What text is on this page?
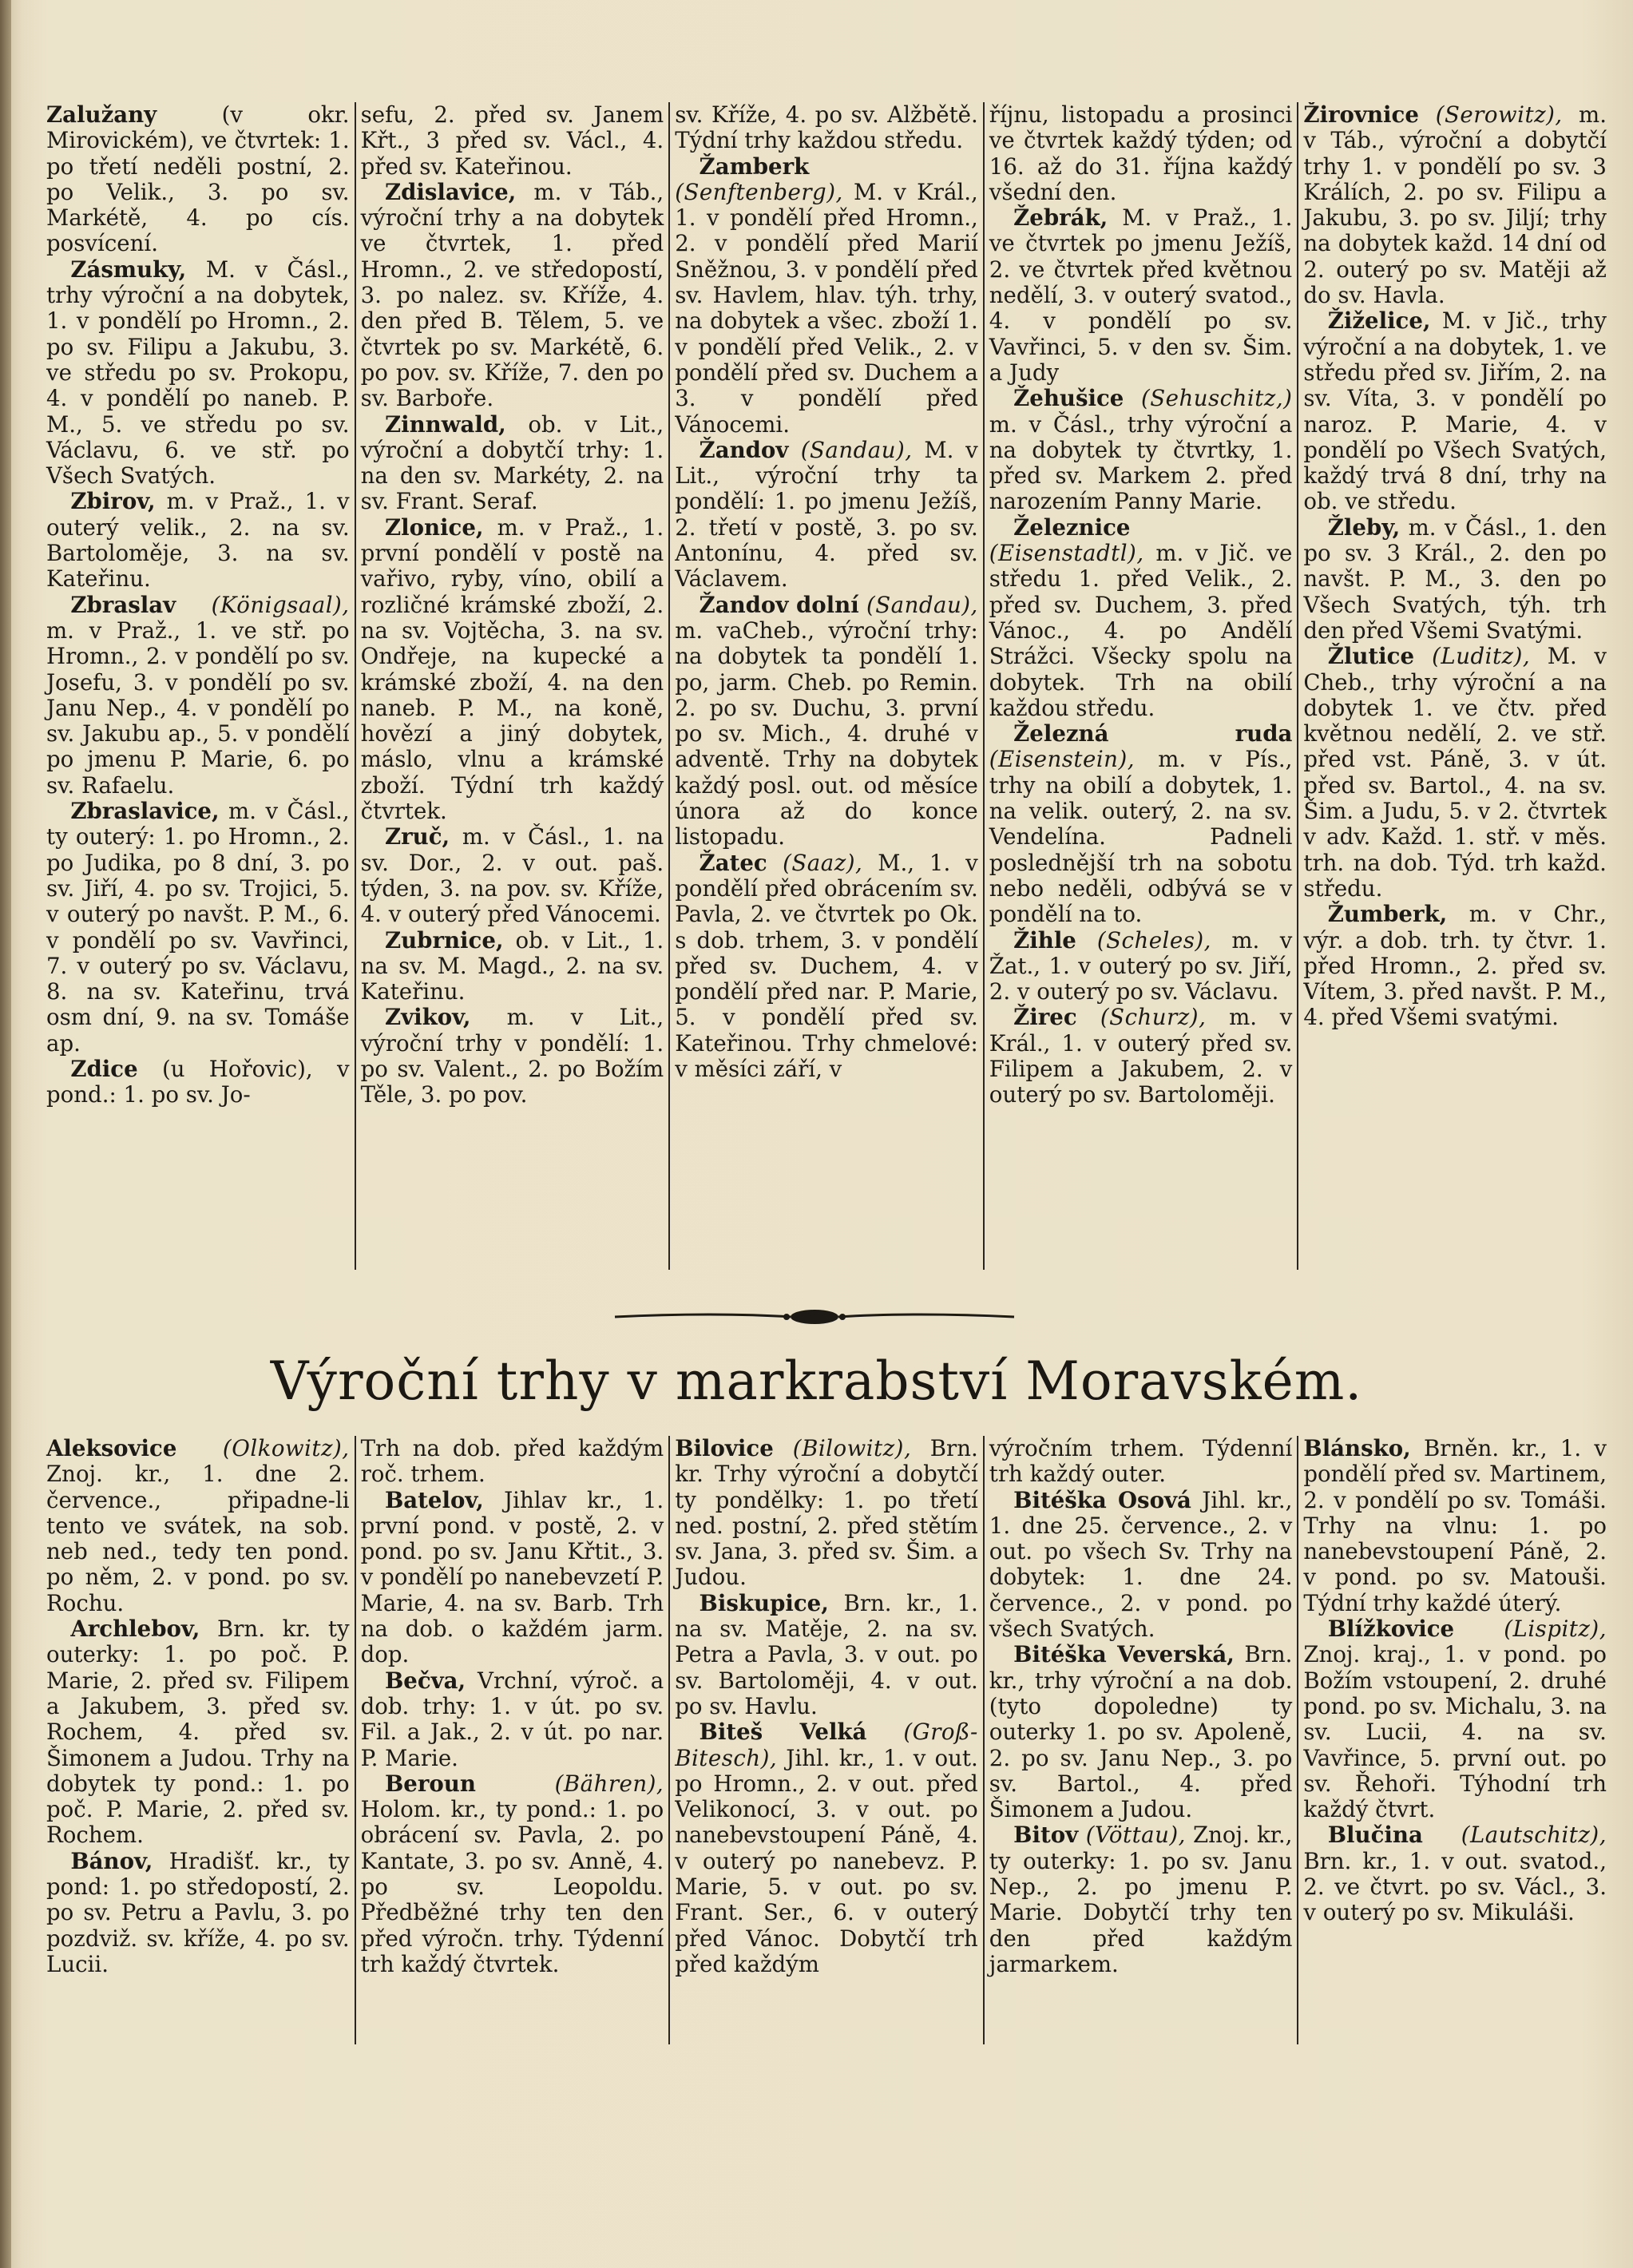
Zalužany (v okr. Mirovickém), ve čtvrtek: 1. po třetí neděli postní, 2. po Velik., 3. po sv. Markétě, 4. po cís. posvícení.

Zásmuky, M. v Čásl., trhy výroční a na dobytek, 1. v pondělí po Hromn., 2. po sv. Filipu a Jakubu, 3. ve středu po sv. Prokopu, 4. v pondělí po naneb. P. M., 5. ve středu po sv. Václavu, 6. ve stř. po Všech Svatých.

Zbirov, m. v Praž., 1. v outerý velik., 2. na sv. Bartoloměje, 3. na sv. Kateřinu.

Zbraslav (Königsaal), m. v Praž., 1. ve stř. po Hromn., 2. v pondělí po sv. Josefu, 3. v pondělí po sv. Janu Nep., 4. v pondělí po sv. Jakubu ap., 5. v pondělí po jmenu P. Marie, 6. po sv. Rafaelu.

Zbraslavice, m. v Čásl., ty outerý: 1. po Hromn., 2. po Judika, po 8 dní, 3. po sv. Jiří, 4. po sv. Trojici, 5. v outerý po navšt. P. M., 6. v pondělí po sv. Vavřinci, 7. v outerý po sv. Václavu, 8. na sv. Kateřinu, trvá osm dní, 9. na sv. Tomáše ap.

Zdice (u Hořovic), v pond.: 1. po sv. Jo-

sefu, 2. před sv. Janem Křt., 3 před sv. Václ., 4. před sv. Kateřinou.

Zdislavice, m. v Táb., výroční trhy a na dobytek ve čtvrtek, 1. před Hromn., 2. ve středopostí, 3. po nalez. sv. Kříže, 4. den před B. Tělem, 5. ve čtvrtek po sv. Markétě, 6. po pov. sv. Kříže, 7. den po sv. Barboře.

Zinnwald, ob. v Lit., výroční a dobytčí trhy: 1. na den sv. Markéty, 2. na sv. Frant. Seraf.

Zlonice, m. v Praž., 1. první pondělí v postě na vařivo, ryby, víno, obilí a rozličné krámské zboží, 2. na sv. Vojtěcha, 3. na sv. Ondřeje, na kupecké a krámské zboží, 4. na den naneb. P. M., na koně, hovězí a jiný dobytek, máslo, vlnu a krámské zboží. Týdní trh každý čtvrtek.

Zruč, m. v Čásl., 1. na sv. Dor., 2. v out. paš. týden, 3. na pov. sv. Kříže, 4. v outerý před Vánocemi.

Zubrnice, ob. v Lit., 1. na sv. M. Magd., 2. na sv. Kateřinu.

Zvikov, m. v Lit., výroční trhy v pondělí: 1. po sv. Valent., 2. po Božím Těle, 3. po pov.

sv. Kříže, 4. po sv. Alžbětě. Týdní trhy každou středu.

Žamberk (Senftenberg), M. v Král., 1. v pondělí před Hromn., 2. v pondělí před Marií Sněžnou, 3. v pondělí před sv. Havlem, hlav. týh. trhy, na dobytek a všec. zboží 1. v pondělí před Velik., 2. v pondělí před sv. Duchem a 3. v pondělí před Vánocemi.

Žandov (Sandau), M. v Lit., výroční trhy ta pondělí: 1. po jmenu Ježíš, 2. třetí v postě, 3. po sv. Antonínu, 4. před sv. Václavem.

Žandov dolní (Sandau), m. vaCheb., výroční trhy: na dobytek ta pondělí 1. po, jarm. Cheb. po Remin. 2. po sv. Duchu, 3. první po sv. Mich., 4. druhé v adventě. Trhy na dobytek každý posl. out. od měsíce února až do konce listopadu.

Žatec (Saaz), M., 1. v pondělí před obrácením sv. Pavla, 2. ve čtvrtek po Ok. s dob. trhem, 3. v pondělí před sv. Duchem, 4. v pondělí před nar. P. Marie, 5. v pondělí před sv. Kateřinou. Trhy chmelové: v měsíci září, v

říjnu, listopadu a prosinci ve čtvrtek každý týden; od 16. až do 31. října každý všední den.

Žebrák, M. v Praž., 1. ve čtvrtek po jmenu Ježíš, 2. ve čtvrtek před květnou nedělí, 3. v outerý svatod., 4. v pondělí po sv. Vavřinci, 5. v den sv. Šim. a Judy

Žehušice (Sehuschitz,) m. v Čásl., trhy výroční a na dobytek ty čtvrtky, 1. před sv. Markem 2. před narozením Panny Marie.

Železnice (Eisenstadtl), m. v Jič. ve středu 1. před Velik., 2. před sv. Duchem, 3. před Vánoc., 4. po Andělí Strážci. Všecky spolu na dobytek. Trh na obilí každou středu.

Železná ruda (Eisenstein), m. v Pís., trhy na obilí a dobytek, 1. na velik. outerý, 2. na sv. Vendelína. Padneli poslednější trh na sobotu nebo neděli, odbývá se v pondělí na to.

Žihle (Scheles), m. v Žat., 1. v outerý po sv. Jiří, 2. v outerý po sv. Václavu.

Žirec (Schurz), m. v Král., 1. v outerý před sv. Filipem a Jakubem, 2. v outerý po sv. Bartoloměji.

Žirovnice (Serowitz), m. v Táb., výroční a dobytčí trhy 1. v pondělí po sv. 3 Králích, 2. po sv. Filipu a Jakubu, 3. po sv. Jiljí; trhy na dobytek každ. 14 dní od 2. outerý po sv. Matěji až do sv. Havla.

Žiželice, M. v Jič., trhy výroční a na dobytek, 1. ve středu před sv. Jiřím, 2. na sv. Víta, 3. v pondělí po naroz. P. Marie, 4. v pondělí po Všech Svatých, každý trvá 8 dní, trhy na ob. ve středu.

Žleby, m. v Čásl., 1. den po sv. 3 Král., 2. den po navšt. P. M., 3. den po Všech Svatých, týh. trh den před Všemi Svatými.

Žlutice (Luditz), M. v Cheb., trhy výroční a na dobytek 1. ve čtv. před květnou nedělí, 2. ve stř. před vst. Páně, 3. v út. před sv. Bartol., 4. na sv. Šim. a Judu, 5. v 2. čtvrtek v adv. Každ. 1. stř. v měs. trh. na dob. Týd. trh každ. středu.

Žumberk, m. v Chr., výr. a dob. trh. ty čtvr. 1. před Hromn., 2. před sv. Vítem, 3. před navšt. P. M., 4. před Všemi svatými.

Výroční trhy v markrabství Moravském.

Aleksovice (Olkowitz), Znoj. kr., 1. dne 2. července., připadne-li tento ve svátek, na sob. neb ned., tedy ten pond. po něm, 2. v pond. po sv. Rochu.

Archlebov, Brn. kr. ty outerky: 1. po poč. P. Marie, 2. před sv. Filipem a Jakubem, 3. před sv. Rochem, 4. před sv. Šimonem a Judou. Trhy na dobytek ty pond.: 1. po poč. P. Marie, 2. před sv. Rochem.

Bánov, Hradišť. kr., ty pond: 1. po středopostí, 2. po sv. Petru a Pavlu, 3. po pozdviž. sv. kříže, 4. po sv. Lucii.

Trh na dob. před každým roč. trhem.

Batelov, Jihlav kr., 1. první pond. v postě, 2. v pond. po sv. Janu Křtit., 3. v pondělí po nanebevzetí P. Marie, 4. na sv. Barb. Trh na dob. o každém jarm. dop.

Bečva, Vrchní, výroč. a dob. trhy: 1. v út. po sv. Fil. a Jak., 2. v út. po nar. P. Marie.

Beroun (Bähren), Holom. kr., ty pond.: 1. po obrácení sv. Pavla, 2. po Kantate, 3. po sv. Anně, 4. po sv. Leopoldu. Předběžné trhy ten den před výročn. trhy. Týdenní trh každý čtvrtek.

Bilovice (Bilowitz), Brn. kr. Trhy výroční a dobytčí ty pondělky: 1. po třetí ned. postní, 2. před stětím sv. Jana, 3. před sv. Šim. a Judou.

Biskupice, Brn. kr., 1. na sv. Matěje, 2. na sv. Petra a Pavla, 3. v out. po sv. Bartoloměji, 4. v out. po sv. Havlu.

Biteš Velká (Groß-Bitesch), Jihl. kr., 1. v out. po Hromn., 2. v out. před Velikonocí, 3. v out. po nanebevstoupení Páně, 4. v outerý po nanebevz. P. Marie, 5. v out. po sv. Frant. Ser., 6. v outerý před Vánoc. Dobytčí trh před každým

výročním trhem. Týdenní trh každý outer.

Bitéška Osová Jihl. kr., 1. dne 25. července., 2. v out. po všech Sv. Trhy na dobytek: 1. dne 24. července., 2. v pond. po všech Svatých.

Bitéška Veverská, Brn. kr., trhy výroční a na dob. (tyto dopoledne) ty outerky 1. po sv. Apoleně, 2. po sv. Janu Nep., 3. po sv. Bartol., 4. před Šimonem a Judou.

Bitov (Vöttau), Znoj. kr., ty outerky: 1. po sv. Janu Nep., 2. po jmenu P. Marie. Dobytčí trhy ten den před každým jarmarkem.

Blánsko, Brněn. kr., 1. v pondělí před sv. Martinem, 2. v pondělí po sv. Tomáši. Trhy na vlnu: 1. po nanebevstoupení Páně, 2. v pond. po sv. Matouši. Týdní trhy každé úterý.

Blížkovice (Lispitz), Znoj. kraj., 1. v pond. po Božím vstoupení, 2. druhé pond. po sv. Michalu, 3. na sv. Lucii, 4. na sv. Vavřince, 5. první out. po sv. Řehoři. Týhodní trh každý čtvrt.

Blučina (Lautschitz), Brn. kr., 1. v out. svatod., 2. ve čtvrt. po sv. Václ., 3. v outerý po sv. Mikuláši.
